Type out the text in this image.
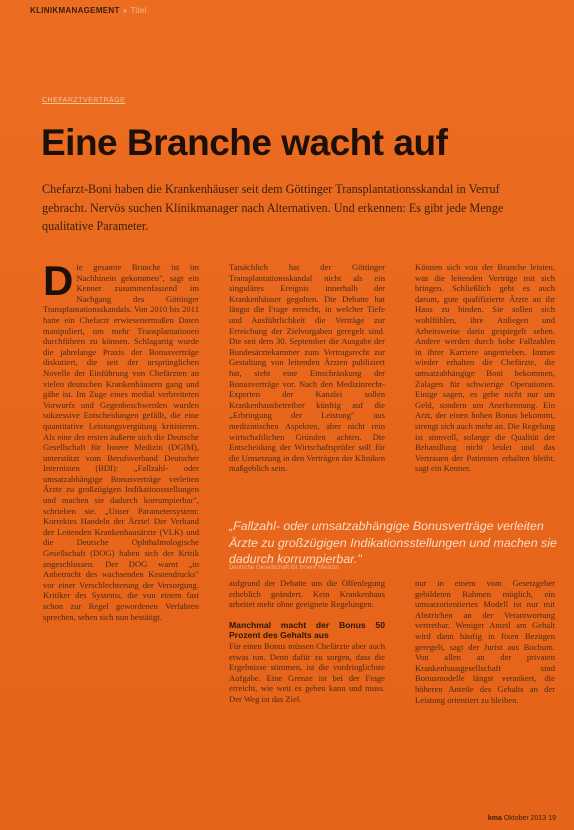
KLINIKMANAGEMENT » Titel
CHEFARZTVERTRÄGE
Eine Branche wacht auf
Chefarzt-Boni haben die Krankenhäuser seit dem Göttinger Transplantationsskandal in Verruf gebracht. Nervös suchen Klinikmanager nach Alternativen. Und erkennen: Es gibt jede Menge qualitative Parameter.
Die gesamte Branche ist im Nachhinein gekommen", sagt ein Kenner zusammenfassend im Nachgang des Göttinger Transplantationsskandals. Von 2010 bis 2011 hatte ein Chefarzt erwiesenermaßen Daten manipuliert, um mehr Transplantationen durchführen zu können. Schlagartig wurde die jahrelange Praxis der Bonusverträge diskutiert, die seit der ursprünglichen Novelle der Einführung von Chefärzten an vielen deutschen Krankenhäusern gang und gäbe ist. Im Zuge eines medial verbreiteten Vorwurfs und Gegenbeschwerden wurden sukzessive Entscheidungen gefällt, die eine quantitative Leistungsvergütung kritisieren. Als eine der ersten äußerte sich die Deutsche Gesellschaft für Innere Medizin (DGIM), unterstützt vom Berufsverband Deutscher Internisten (BDI): „Fallzahl- oder umsatzabhängige Bonusverträge verleiten Ärzte zu großzügigen Indikationsstellungen und machen sie dadurch korrumpierbar", schrieben sie. „Unser Parametersystem: Korrektes Handeln der Ärzte! Der Verband der Leitenden Krankenhausärzte (VLK) und die Deutsche Ophthalmologische Gesellschaft (DOG) haben sich der Kritik angeschlossen. Der DOG warnt „in Anbetracht des wachsenden Kostendrucks" vor einer Verschlechterung der Versorgung. Kritiker des Systems, die von einem fast schon zur Regel gewordenen Verfahren sprechen, sehen sich nun bestätigt.
Tatsächlich hat der Göttinger Transplantationsskandal nicht als ein singuläres Ereignis innerhalb der Krankenhäuser gegolten. Die Debatte hat längst die Frage erreicht, in welcher Tiefe und Ausführlichkeit die Verträge zur Erreichung der Zielvorgaben geregelt sind. Die seit dem 30. September die Ausgabe der Bundesärztekammer zum Vertragsrecht zur Gestaltung von leitenden Ärzten publiziert hat, sieht eine Einschränkung der Bonusverträge vor. Nach den Medizinrecht-Experten der Kanzlei sollen Krankenhausbetreiber künftig auf die „Erbringung der Leistung" aus medizinischen Aspekten, aber nicht rein wirtschaftlichen Gründen achten. Die Entscheidung der Wirtschaftsprüfer soll für die Umsetzung in den Verträgen der Kliniken maßgeblich sein.
Können sich von der Branche leisten, was die leitenden Verträge mit sich bringen. Schließlich geht es auch darum, gute qualifizierte Ärzte an ihr Haus zu binden. Sie sollen sich wohlfühlen, ihre Anliegen und Arbeitsweise darin gespiegelt sehen. Andere werden durch hohe Fallzahlen in ihrer Karriere angetrieben. Immer wieder erhalten die Chefärzte, die umsatzabhängige Boni bekommen, Zulagen für schwierige Operationen. Einige sagen, es gehe nicht nur um Geld, sondern um Anerkennung. Ein Arzt, der einen hohen Bonus bekommt, strengt sich auch mehr an. Die Regelung ist sinnvoll, solange die Qualität der Behandlung nicht leidet und das Vertrauen der Patienten erhalten bleibt, sagt ein Kenner.
„Fallzahl- oder umsatzabhängige Bonusverträge verleiten Ärzte zu großzügigen Indikationsstellungen und machen sie dadurch korrumpierbar."
Deutsche Gesellschaft für Innere Medizin
aufgrund der Debatte um die Offenlegung erheblich geändert. Kein Krankenhaus arbeitet mehr ohne geeignete Regelungen.
Manchmal macht der Bonus 50 Prozent des Gehalts aus
Für einen Bonus müssen Chefärzte aber auch etwas tun. Denn dafür zu sorgen, dass die Ergebnisse stimmen, ist die vordringlichste Aufgabe. Eine Grenze ist bei der Frage erreicht, wie weit es gehen kann und muss. Der Weg ist das Ziel.
nur in einem vom Gesetzgeber gebildeten Rahmen möglich, ein umsatzorientiertes Modell ist nur mit Abstrichen an der Verantwortung vertretbar. Weniger Anteil am Gehalt wird dann häufig in fixen Bezügen geregelt, sagt der Jurist aus Bochum. Von allen an der privaten Krankenhausgesellschaft sind Bonusmodelle längst verankert, die höheren Anteile des Gehalts an der Leistung orientiert zu bleiben.
kma Oktober 2013 19
